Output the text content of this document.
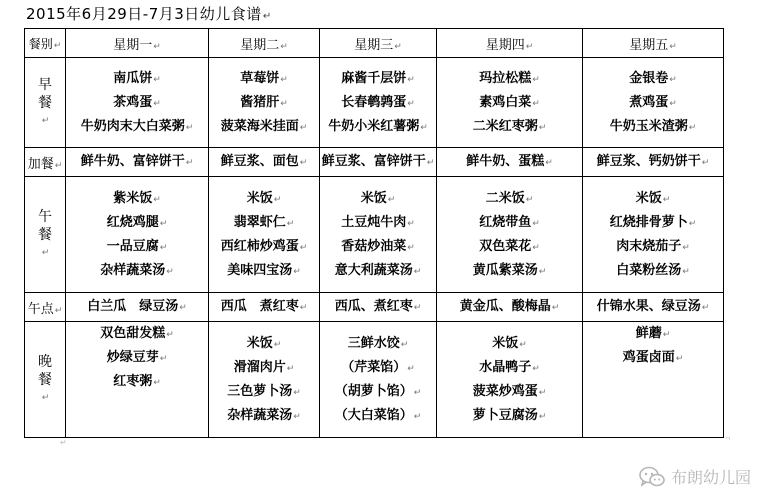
2015年6月29日-7月3日幼儿食谱↵
餐别↵	星期一↵	星期二↵	星期三↵	星期四↵	星期五↵

早
餐
↵	南瓜饼↵
茶鸡蛋↵
牛奶肉末大白菜粥↵	草莓饼↵
酱猪肝↵
菠菜海米挂面↵	麻酱千层饼↵
长春鹌鹑蛋↵
牛奶小米红薯粥↵	玛拉松糕↵
素鸡白菜↵
二米红枣粥↵	金银卷↵
煮鸡蛋↵
牛奶玉米渣粥↵

加餐↵	鲜牛奶、富锌饼干↵	鲜豆浆、面包↵	鲜豆浆、富锌饼干↵	鲜牛奶、蛋糕↵	鲜豆浆、钙奶饼干↵

午
餐
↵	紫米饭↵
红烧鸡腿↵
一品豆腐↵
杂样蔬菜汤↵	米饭↵
翡翠虾仁↵
西红柿炒鸡蛋↵
美味四宝汤↵	米饭↵
土豆炖牛肉↵
香菇炒油菜↵
意大利蔬菜汤↵	二米饭↵
红烧带鱼↵
双色菜花↵
黄瓜紫菜汤↵	米饭↵
红烧排骨萝卜↵
肉末烧茄子↵
白菜粉丝汤↵

午点↵	白兰瓜　绿豆汤↵	西瓜　煮红枣↵	西瓜、煮红枣↵	黄金瓜、酸梅晶↵	什锦水果、绿豆汤↵

晚
餐
↵	双色甜发糕↵
炒绿豆芽↵
红枣粥↵	米饭↵
滑溜肉片↵
三色萝卜汤↵
杂样蔬菜汤↵	三鲜水饺↵
（芹菜馅）↵
（胡萝卜馅）↵
（大白菜馅）↵	米饭↵
水晶鸭子↵
菠菜炒鸡蛋↵
萝卜豆腐汤↵	鲜蘑↵
鸡蛋卤面↵
↵	¬
布朗幼儿园
